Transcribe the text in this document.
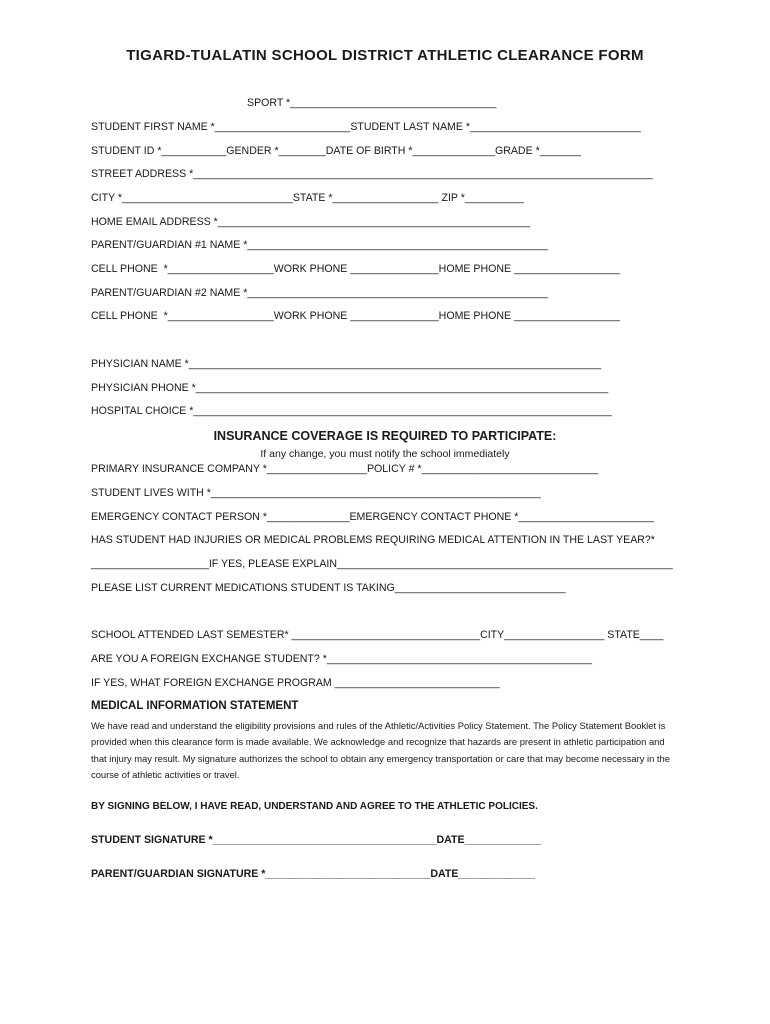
TIGARD-TUALATIN SCHOOL DISTRICT ATHLETIC CLEARANCE FORM
SPORT *___________________________________
STUDENT FIRST NAME *_______________________STUDENT LAST NAME *_____________________________
STUDENT ID *___________GENDER *________DATE OF BIRTH *______________GRADE *_______
STREET ADDRESS *______________________________________________________________________________
CITY *_____________________________STATE *__________________ ZIP *__________
HOME EMAIL ADDRESS *_____________________________________________________
PARENT/GUARDIAN #1 NAME *___________________________________________________
CELL PHONE  *__________________WORK PHONE _______________HOME PHONE __________________
PARENT/GUARDIAN #2 NAME *___________________________________________________
CELL PHONE  *__________________WORK PHONE _______________HOME PHONE __________________
PHYSICIAN NAME *______________________________________________________________________
PHYSICIAN PHONE *______________________________________________________________________
HOSPITAL CHOICE *_______________________________________________________________________
INSURANCE COVERAGE IS REQUIRED TO PARTICIPATE:
If any change, you must notify the school immediately
PRIMARY INSURANCE COMPANY *_________________POLICY # *______________________________
STUDENT LIVES WITH *________________________________________________________
EMERGENCY CONTACT PERSON *______________EMERGENCY CONTACT PHONE *_______________________
HAS STUDENT HAD INJURIES OR MEDICAL PROBLEMS REQUIRING MEDICAL ATTENTION IN THE LAST YEAR?*
____________________IF YES, PLEASE EXPLAIN_________________________________________________________
PLEASE LIST CURRENT MEDICATIONS STUDENT IS TAKING_____________________________
SCHOOL ATTENDED LAST SEMESTER* ________________________________CITY_________________ STATE____
ARE YOU A FOREIGN EXCHANGE STUDENT? *_____________________________________________
IF YES, WHAT FOREIGN EXCHANGE PROGRAM ____________________________
MEDICAL INFORMATION STATEMENT
We have read and understand the eligibility provisions and rules of the Athletic/Activities Policy Statement. The Policy Statement Booklet is provided when this clearance form is made available. We acknowledge and recognize that hazards are present in athletic participation and that injury may result. My signature authorizes the school to obtain any emergency transportation or care that may become necessary in the course of athletic activities or travel.
BY SIGNING BELOW, I HAVE READ, UNDERSTAND AND AGREE TO THE ATHLETIC POLICIES.
STUDENT SIGNATURE *______________________________________DATE_____________
PARENT/GUARDIAN SIGNATURE *____________________________DATE_____________
